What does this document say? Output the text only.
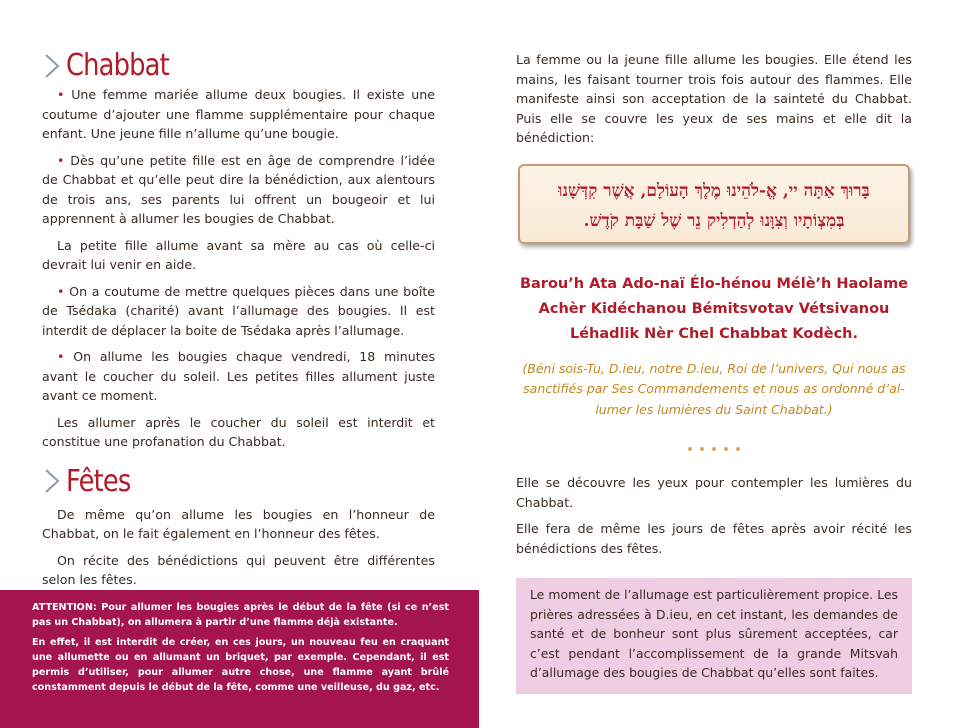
Chabbat

• Une femme mariée allume deux bougies. Il existe une coutume d’ajouter une flamme supplémentaire pour chaque enfant. Une jeune fille n’allume qu’une bougie.

• Dès qu’une petite fille est en âge de comprendre l’idée de Chabbat et qu’elle peut dire la bénédiction, aux alentours de trois ans, ses parents lui offrent un bougeoir et lui apprennent à allumer les bougies de Chabbat.

La petite fille allume avant sa mère au cas où celle-ci devrait lui venir en aide.

• On a coutume de mettre quelques pièces dans une boîte de Tsédaka (charité) avant l’allumage des bougies. Il est interdit de déplacer la boite de Tsédaka après l’allumage.

• On allume les bougies chaque vendredi, 18 minutes avant le coucher du soleil. Les petites filles allument juste avant ce moment.

Les allumer après le coucher du soleil est interdit et constitue une profanation du Chabbat.

Fêtes

De même qu’on allume les bougies en l’honneur de Chabbat, on le fait également en l’honneur des fêtes.

On récite des bénédictions qui peuvent être différentes selon les fêtes.

ATTENTION: Pour allumer les bougies après le début de la fête (si ce n’est pas un Chabbat), on allumera à partir d’une flamme déjà existante.

En effet, il est interdit de créer, en ces jours, un nouveau feu en craquant une allumette ou en allumant un briquet, par exemple. Cependant, il est permis d’utiliser, pour allumer autre chose, une flamme ayant brûlé constamment depuis le début de la fête, comme une veilleuse, du gaz, etc.

La femme ou la jeune fille allume les bougies. Elle étend les mains, les faisant tourner trois fois autour des flammes. Elle manifeste ainsi son acceptation de la sainteté du Chabbat. Puis elle se couvre les yeux de ses mains et elle dit la bénédiction:

בָּרוּךְ אַתָּה יי, אֱ-לֹהֵינוּ מֶלֶךְ הָעוֹלָם, אֲשֶׁר קִדְּשָׁנוּ
בְּמִצְוֹתָיו וְצִוָּנוּ לְהַדְלִיק נֵר שֶׁל שַׁבָּת קֹדֶשׁ.
Barou’h Ata Ado-naï Élo-hénou Mélè’h Haolame
Achèr Kidéchanou Bémitsvotav Vétsivanou
Léhadlik Nèr Chel Chabbat Kodèch.
(Béni sois-Tu, D.ieu, notre D.ieu, Roi de l’univers, Qui nous as
sanctifiés par Ses Commandements et nous as ordonné d’al-
lumer les lumières du Saint Chabbat.)

Elle se découvre les yeux pour contempler les lumières du Chabbat.

Elle fera de même les jours de fêtes après avoir récité les bénédictions des fêtes.

Le moment de l’allumage est particulièrement propice. Les prières adressées à D.ieu, en cet instant, les demandes de santé et de bonheur sont plus sûrement acceptées, car c’est pendant l’accomplissement de la grande Mitsvah d’allumage des bougies de Chabbat qu’elles sont faites.
